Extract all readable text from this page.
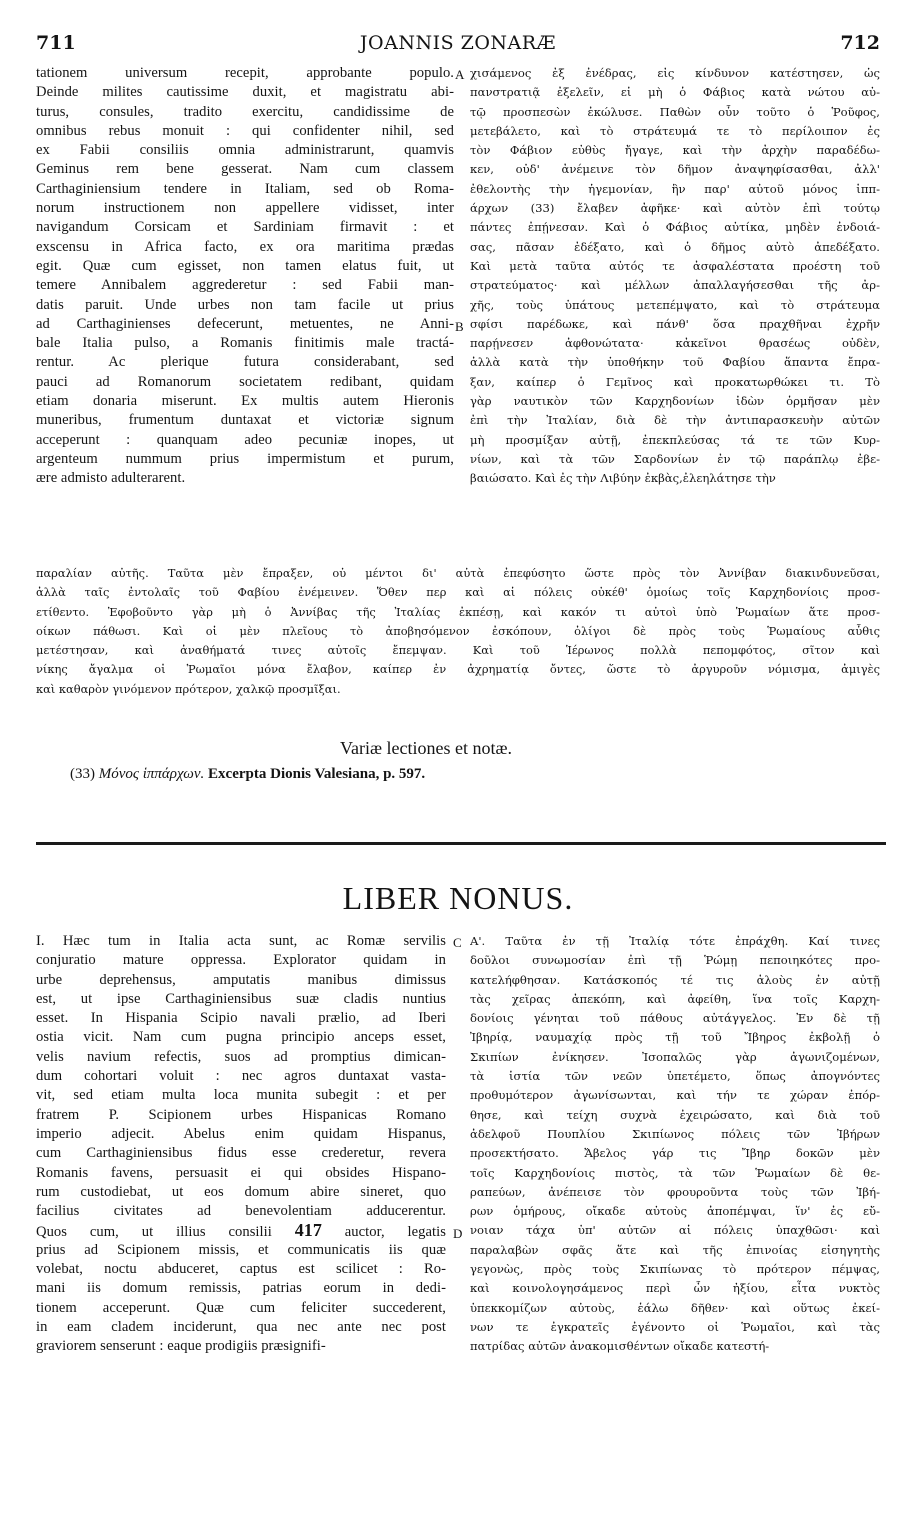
711	JOANNIS ZONARÆ	712
tationem universum recepit, approbante populo.
Deinde milites cautissime duxit, et magistratu abi-
turus, consules, tradito exercitu, candidissime de
omnibus rebus monuit : qui confidenter nihil, sed
ex Fabii consiliis omnia administrarunt, quamvis
Geminus rem bene gesserat. Nam cum classem
Carthaginiensium tendere in Italiam, sed ob Roma-
norum instructionem non appellere vidisset, inter
navigandum Corsicam et Sardiniam firmavit : et
exscensu in Africa facto, ex ora maritima prædas
egit. Quæ cum egisset, non tamen elatus fuit, ut
temere Annibalem aggrederetur : sed Fabii man-
datis paruit. Unde urbes non tam facile ut prius
ad Carthaginienses defecerunt, metuentes, ne Anni-
bale Italia pulso, a Romanis finitimis male tractá-
rentur. Ac plerique futura considerabant, sed
pauci ad Romanorum societatem redibant, quidam
etiam donaria miserunt. Ex multis autem Hieronis
muneribus, frumentum duntaxat et victoriæ signum
acceperunt : quanquam adeo pecuniæ inopes, ut
argenteum nummum prius impermistum et purum,
ære admisto adulterarent.
χισάμενος ἐξ ἐνέδρας, εἰς κίνδυνον κατέστησεν, ὡς
πανστρατιᾷ ἐξελεῖν, εἰ μὴ ὁ Φάβιος κατὰ νώτου αὐ-
τῷ προσπεσὼν ἐκώλυσε. Παθὼν οὖν τοῦτο ὁ Ῥοῦφος,
μετεβάλετο, καὶ τὸ στράτευμά τε τὸ περίλοιπον ἐς
τὸν Φάβιον εὐθὺς ἤγαγε, καὶ τὴν ἀρχὴν παραδέδω-
κεν, οὐδ' ἀνέμεινε τὸν δῆμον ἀναψηφίσασθαι, ἀλλ'
ἐθελοντὴς τὴν ἡγεμονίαν, ἣν παρ' αὐτοῦ μόνος ἱππ-
άρχων (33) ἔλαβεν ἀφῆκε· καὶ αὐτὸν ἐπὶ τούτῳ
πάντες ἐπῄνεσαν. Καὶ ὁ Φάβιος αὐτίκα, μηδὲν ἐνδοιά-
σας, πᾶσαν ἐδέξατο, καὶ ὁ δῆμος αὐτὸ ἀπεδέξατο.
Καὶ μετὰ ταῦτα αὐτός τε ἀσφαλέστατα προέστη τοῦ
στρατεύματος· καὶ μέλλων ἀπαλλαγήσεσθαι τῆς ἀρ-
χῆς, τοὺς ὑπάτους μετεπέμψατο, καὶ τὸ στράτευμα
σφίσι παρέδωκε, καὶ πάνθ' ὅσα πραχθῆναι ἐχρῆν
παρῄνεσεν ἀφθονώτατα· κἀκεῖνοι θρασέως οὐδὲν,
ἀλλὰ κατὰ τὴν ὑποθήκην τοῦ Φαβίου ἅπαντα ἔπρα-
ξαν, καίπερ ὁ Γεμῖνος καὶ προκατωρθώκει τι. Τὸ
γὰρ ναυτικὸν τῶν Καρχηδονίων ἰδὼν ὁρμῆσαν μὲν
ἐπὶ τὴν Ἰταλίαν, διὰ δὲ τὴν ἀντιπαρασκευὴν αὐτῶν
μὴ προσμίξαν αὐτῇ, ἐπεκπλεύσας τά τε τῶν Κυρ-
νίων, καὶ τὰ τῶν Σαρδονίων ἐν τῷ παράπλῳ ἐβε-
βαιώσατο. Καὶ ἐς τὴν Λιβύην ἐκβὰς,ἐλεηλάτησε τὴν
A
B
παραλίαν αὐτῆς. Ταῦτα μὲν ἔπραξεν, οὐ μέντοι δι' αὐτὰ ἐπεφύσητο ὥστε πρὸς τὸν Ἀννίβαν διακινδυνεῦσαι,
ἀλλὰ ταῖς ἐντολαῖς τοῦ Φαβίου ἐνέμεινεν. Ὅθεν περ καὶ αἱ πόλεις οὐκέθ' ὁμοίως τοῖς Καρχηδονίοις προσ-
ετίθεντο. Ἐφοβοῦντο γὰρ μὴ ὁ Ἀννίβας τῆς Ἰταλίας ἐκπέσῃ, καὶ κακόν τι αὐτοὶ ὑπὸ Ῥωμαίων ἅτε προσ-
οίκων πάθωσι. Καὶ οἱ μὲν πλεῖους τὸ ἀποβησόμενον ἐσκόπουν, ὀλίγοι δὲ πρὸς τοὺς Ῥωμαίους αὖθις
μετέστησαν, καὶ ἀναθήματά τινες αὐτοῖς ἔπεμψαν. Καὶ τοῦ Ἱέρωνος πολλὰ πεπομφότος, σῖτον καὶ
νίκης ἄγαλμα οἱ Ῥωμαῖοι μόνα ἔλαβον, καίπερ ἐν ἀχρηματίᾳ ὄντες, ὥστε τὸ ἀργυροῦν νόμισμα, ἀμιγὲς
καὶ καθαρὸν γινόμενον πρότερον, χαλκῷ προσμῖξαι.
Variæ lectiones et notæ.
(33) Μόνος ἱππάρχων. Excerpta Dionis Valesiana, p. 597.
LIBER NONUS.
I. Hæc tum in Italia acta sunt, ac Romæ servilis
conjuratio mature oppressa. Explorator quidam in
urbe deprehensus, amputatis manibus dimissus
est, ut ipse Carthaginiensibus suæ cladis nuntius
esset. In Hispania Scipio navali prælio, ad Iberi
ostia vicit. Nam cum pugna principio anceps esset,
velis navium refectis, suos ad promptius dimican-
dum cohortari voluit : nec agros duntaxat vasta-
vit, sed etiam multa loca munita subegit : et per
fratrem P. Scipionem urbes Hispanicas Romano
imperio adjecit. Abelus enim quidam Hispanus,
cum Carthaginiensibus fidus esse crederetur, revera
Romanis favens, persuasit ei qui obsides Hispano-
rum custodiebat, ut eos domum abire sineret, quo
facilius civitates ad benevolentiam adducerentur.
Quos cum, ut illius consilii 417 auctor, legatis
prius ad Scipionem missis, et communicatis iis quæ
volebat, noctu abduceret, captus est scilicet : Ro-
mani iis domum remissis, patrias eorum in dedi-
tionem acceperunt. Quæ cum feliciter succederent,
in eam cladem inciderunt, qua nec ante nec post
graviorem senserunt : eaque prodigiis præsignifi-
C
D
Α'. Ταῦτα ἐν τῇ Ἰταλίᾳ τότε ἐπράχθη. Καί τινες
δοῦλοι συνωμοσίαν ἐπὶ τῇ Ῥώμῃ πεποιηκότες προ-
κατελήφθησαν. Κατάσκοπός τέ τις ἁλοὺς ἐν αὐτῇ
τὰς χεῖρας ἀπεκόπη, καὶ ἀφείθη, ἵνα τοῖς Καρχη-
δονίοις γένηται τοῦ πάθους αὐτάγγελος. Ἐν δὲ τῇ
Ἰβηρίᾳ, ναυμαχίᾳ πρὸς τῇ τοῦ Ἴβηρος ἐκβολῇ ὁ
Σκιπίων ἐνίκησεν. Ἰσοπαλῶς γὰρ ἀγωνιζομένων,
τὰ ἱστία τῶν νεῶν ὑπετέμετο, ὅπως ἀπογνόντες
προθυμότερον ἀγωνίσωνται, καὶ τήν τε χώραν ἐπόρ-
θησε, καὶ τείχη συχνὰ ἐχειρώσατο, καὶ διὰ τοῦ
ἀδελφοῦ Πουπλίου Σκιπίωνος πόλεις τῶν Ἰβήρων
προσεκτήσατο. Ἄβελος γάρ τις Ἴβηρ δοκῶν μὲν
τοῖς Καρχηδονίοις πιστὸς, τὰ τῶν Ῥωμαίων δὲ θε-
ραπεύων, ἀνέπεισε τὸν φρουροῦντα τοὺς τῶν Ἰβή-
ρων ὁμήρους, οἴκαδε αὐτοὺς ἀποπέμψαι, ἵν' ἐς εὔ-
νοιαν τάχα ὑπ' αὐτῶν αἱ πόλεις ὑπαχθῶσι· καὶ
παραλαβὼν σφᾶς ἅτε καὶ τῆς ἐπινοίας εἰσηγητὴς
γεγονὼς, πρὸς τοὺς Σκιπίωνας τὸ πρότερον πέμψας,
καὶ κοινολογησάμενος περὶ ὧν ἠξίου, εἶτα νυκτὸς
ὑπεκκομίζων αὐτοὺς, ἑάλω δῆθεν· καὶ οὕτως ἐκεί-
νων τε ἐγκρατεῖς ἐγένοντο οἱ Ῥωμαῖοι, καὶ τὰς
πατρίδας αὐτῶν ἀνακομισθέντων οἴκαδε κατεστή-
